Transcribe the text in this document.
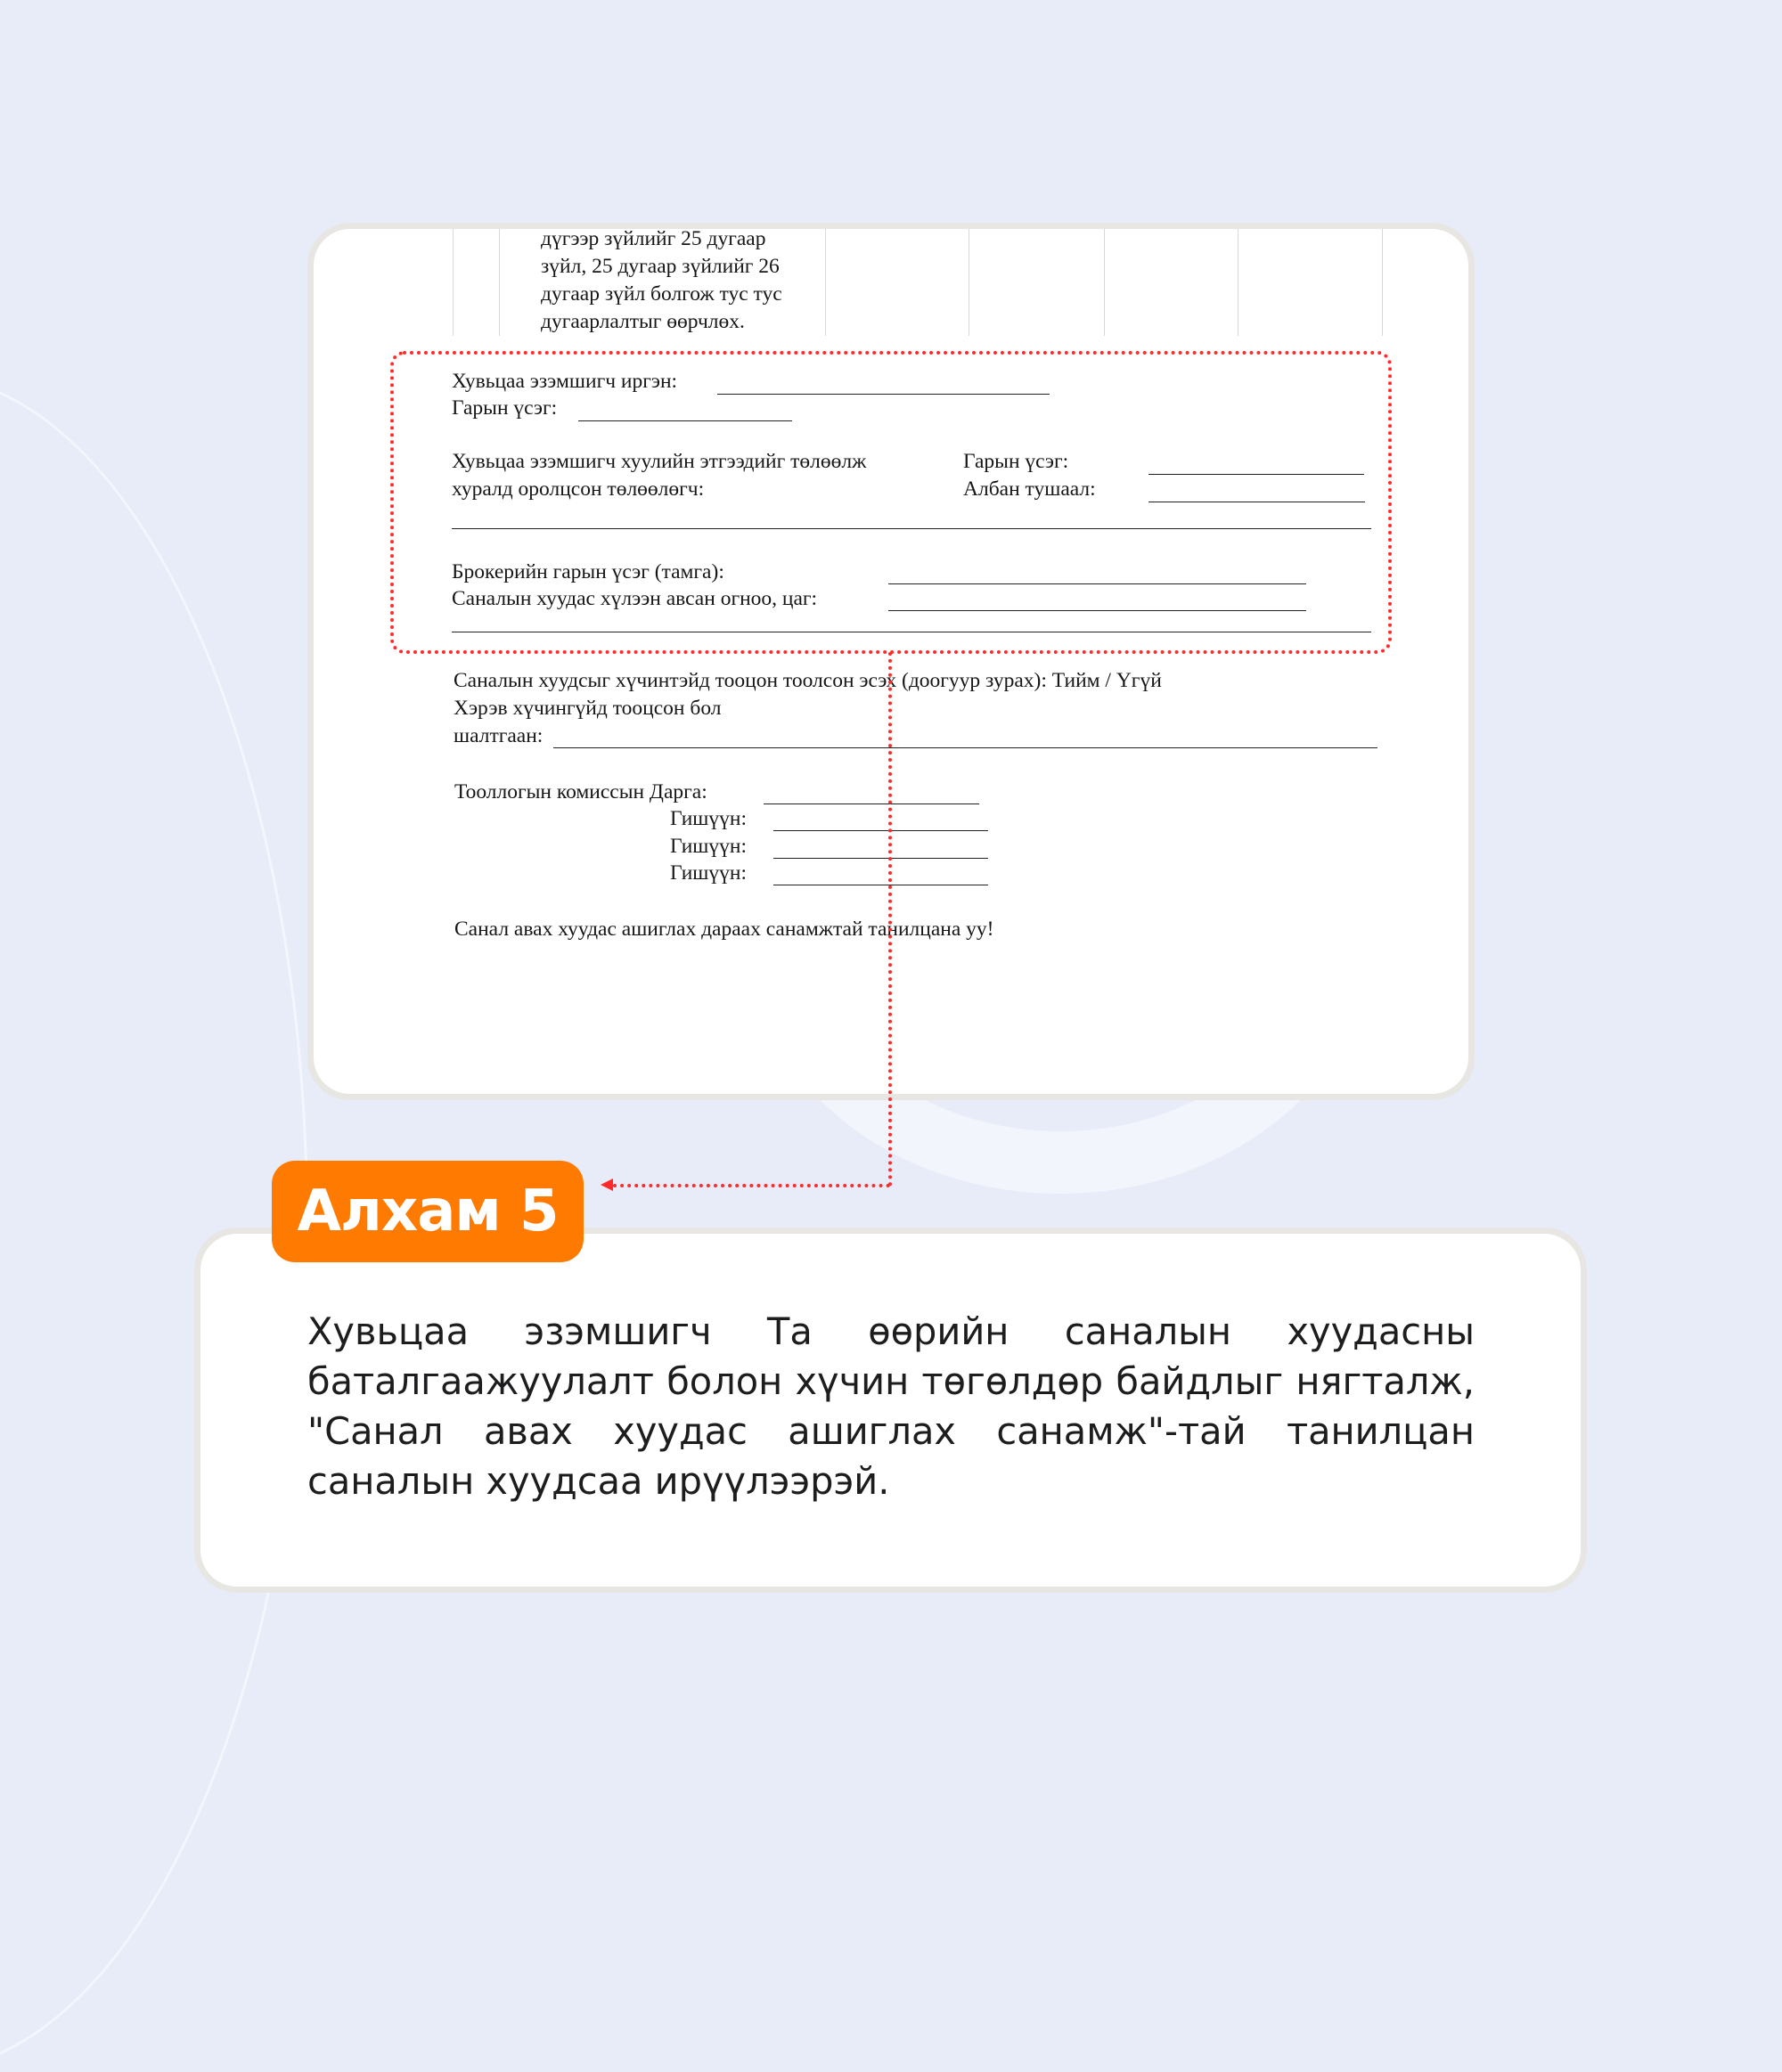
дүгээр зүйлийг 25 дугаар
зүйл, 25 дугаар зүйлийг 26
дугаар зүйл болгож тус тус
дугаарлалтыг өөрчлөх.
Хувьцаа эзэмшигч иргэн:
Гарын үсэг:
Хувьцаа эзэмшигч хуулийн этгээдийг төлөөлж
хуралд оролцсон төлөөлөгч:
Гарын үсэг:
Албан тушаал:
Брокерийн гарын үсэг (тамга):
Саналын хуудас хүлээн авсан огноо, цаг:
Саналын хуудсыг хүчинтэйд тооцон тоолсон эсэх (доогуур зурах): Тийм / Үгүй
Хэрэв хүчингүйд тооцсон бол
шалтгаан:
Тооллогын комиссын Дарга:
Гишүүн:
Гишүүн:
Гишүүн:
Санал авах хуудас ашиглах дараах санамжтай танилцана уу!
Алхам 5
Хувьцаа эзэмшигч Та өөрийн саналын хуудасны баталгаажуулалт болон хүчин төгөлдөр байдлыг нягталж, "Санал авах хуудас ашиглах санамж"-тай танилцан саналын хуудсаа ирүүлээрэй.
